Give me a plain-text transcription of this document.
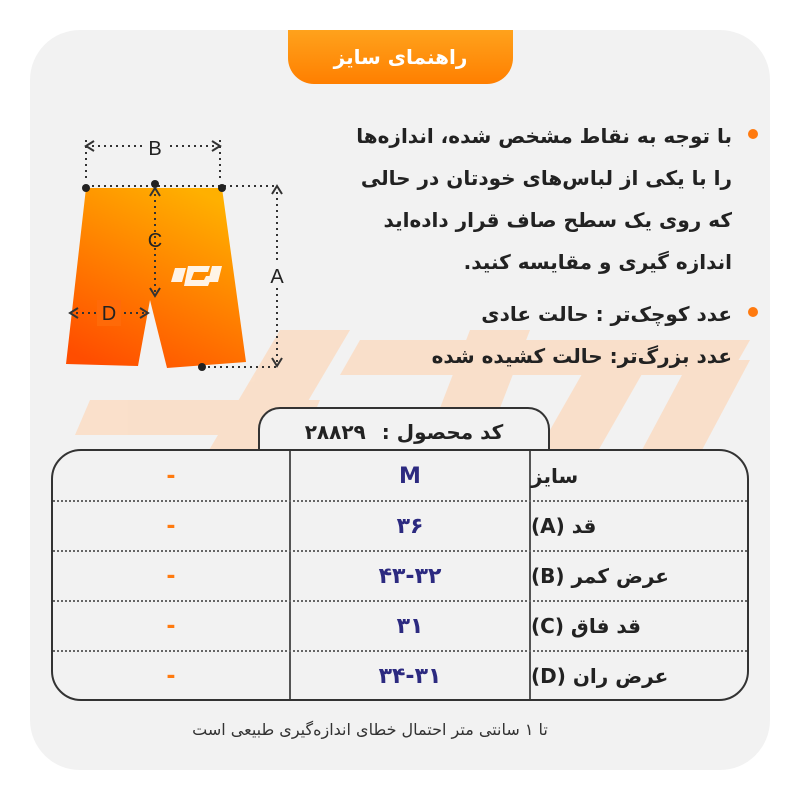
راهنمای سایز
B
A
C
D

با توجه به نقاط مشخص شده، اندازه‌ها

را با یکی از لباس‌های خودتان در حالی

که روی یک سطح صاف قرار داده‌اید

اندازه گیری و مقایسه کنید.

عدد کوچک‌تر : حالت عادی

عدد بزرگ‌تر: حالت کشیده شده

کد محصول :
۲۸۸۲۹
سایز
M
-
قد (A)
۳۶
-
عرض کمر (B)
۴۳-۳۲
-
قد فاق (C)
۳۱
-
عرض ران (D)
۳۴-۳۱
-
تا ۱ سانتی متر احتمال خطای اندازه‌گیری طبیعی است
